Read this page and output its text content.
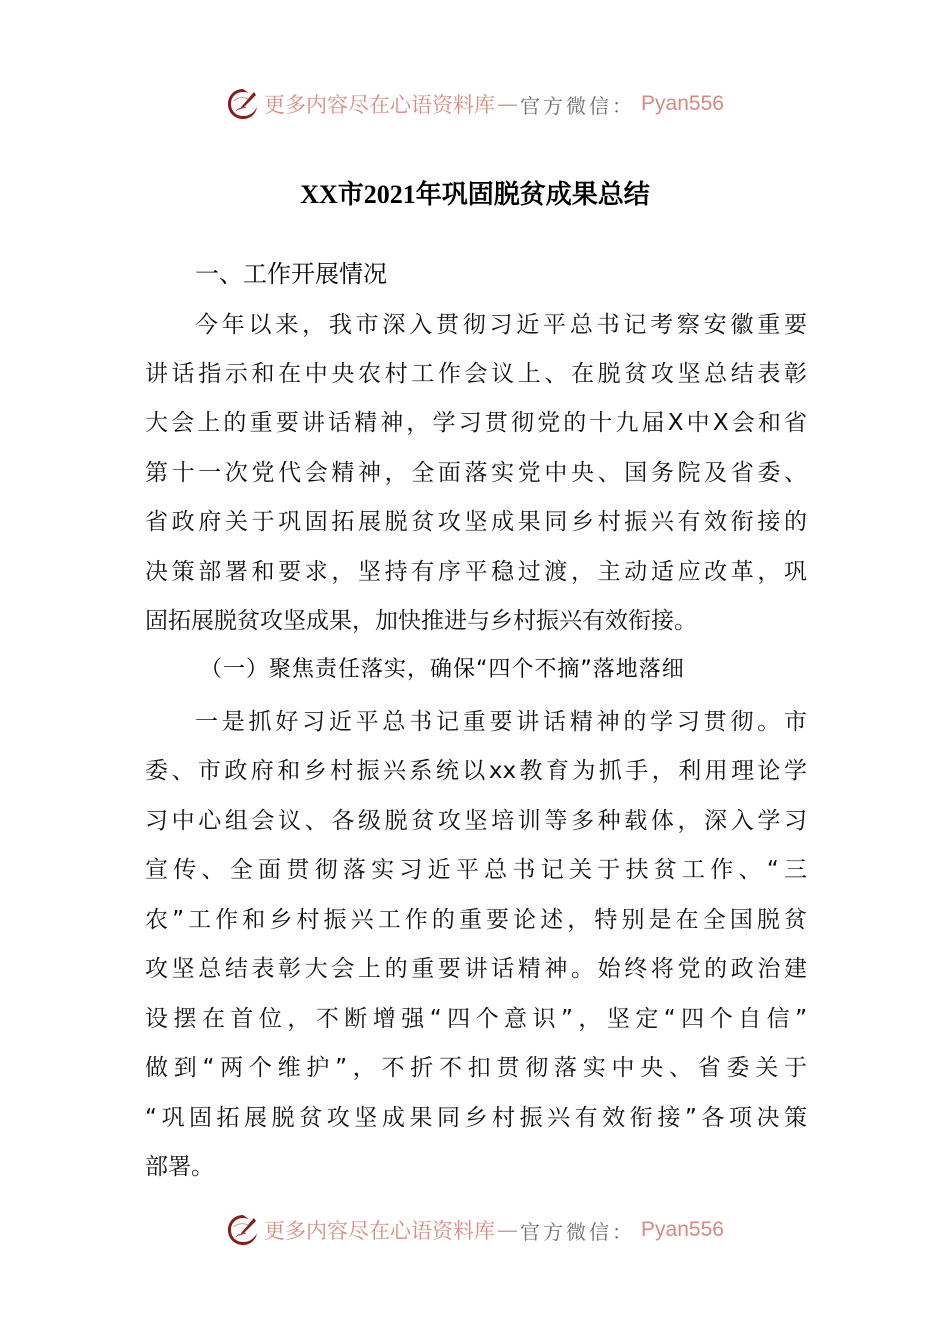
更多内容尽在心语资料库 — 官方微信： Pyan556
XX市2021年巩固脱贫成果总结
一、工作开展情况
今年以来，我市深入贯彻习近平总书记考察安徽重要
讲话指示和在中央农村工作会议上、在脱贫攻坚总结表彰
大会上的重要讲话精神，学习贯彻党的十九届X中X会和省
第十一次党代会精神，全面落实党中央、国务院及省委、
省政府关于巩固拓展脱贫攻坚成果同乡村振兴有效衔接的
决策部署和要求，坚持有序平稳过渡，主动适应改革，巩
固拓展脱贫攻坚成果，加快推进与乡村振兴有效衔接。
（一）聚焦责任落实，确保“四个不摘”落地落细
一是抓好习近平总书记重要讲话精神的学习贯彻。市
委、市政府和乡村振兴系统以xx教育为抓手，利用理论学
习中心组会议、各级脱贫攻坚培训等多种载体，深入学习
宣传、全面贯彻落实习近平总书记关于扶贫工作、“三
农”工作和乡村振兴工作的重要论述，特别是在全国脱贫
攻坚总结表彰大会上的重要讲话精神。始终将党的政治建
设摆在首位，不断增强“四个意识”，坚定“四个自信”
做到“两个维护”，不折不扣贯彻落实中央、省委关于
“巩固拓展脱贫攻坚成果同乡村振兴有效衔接”各项决策
部署。
更多内容尽在心语资料库 — 官方微信： Pyan556
